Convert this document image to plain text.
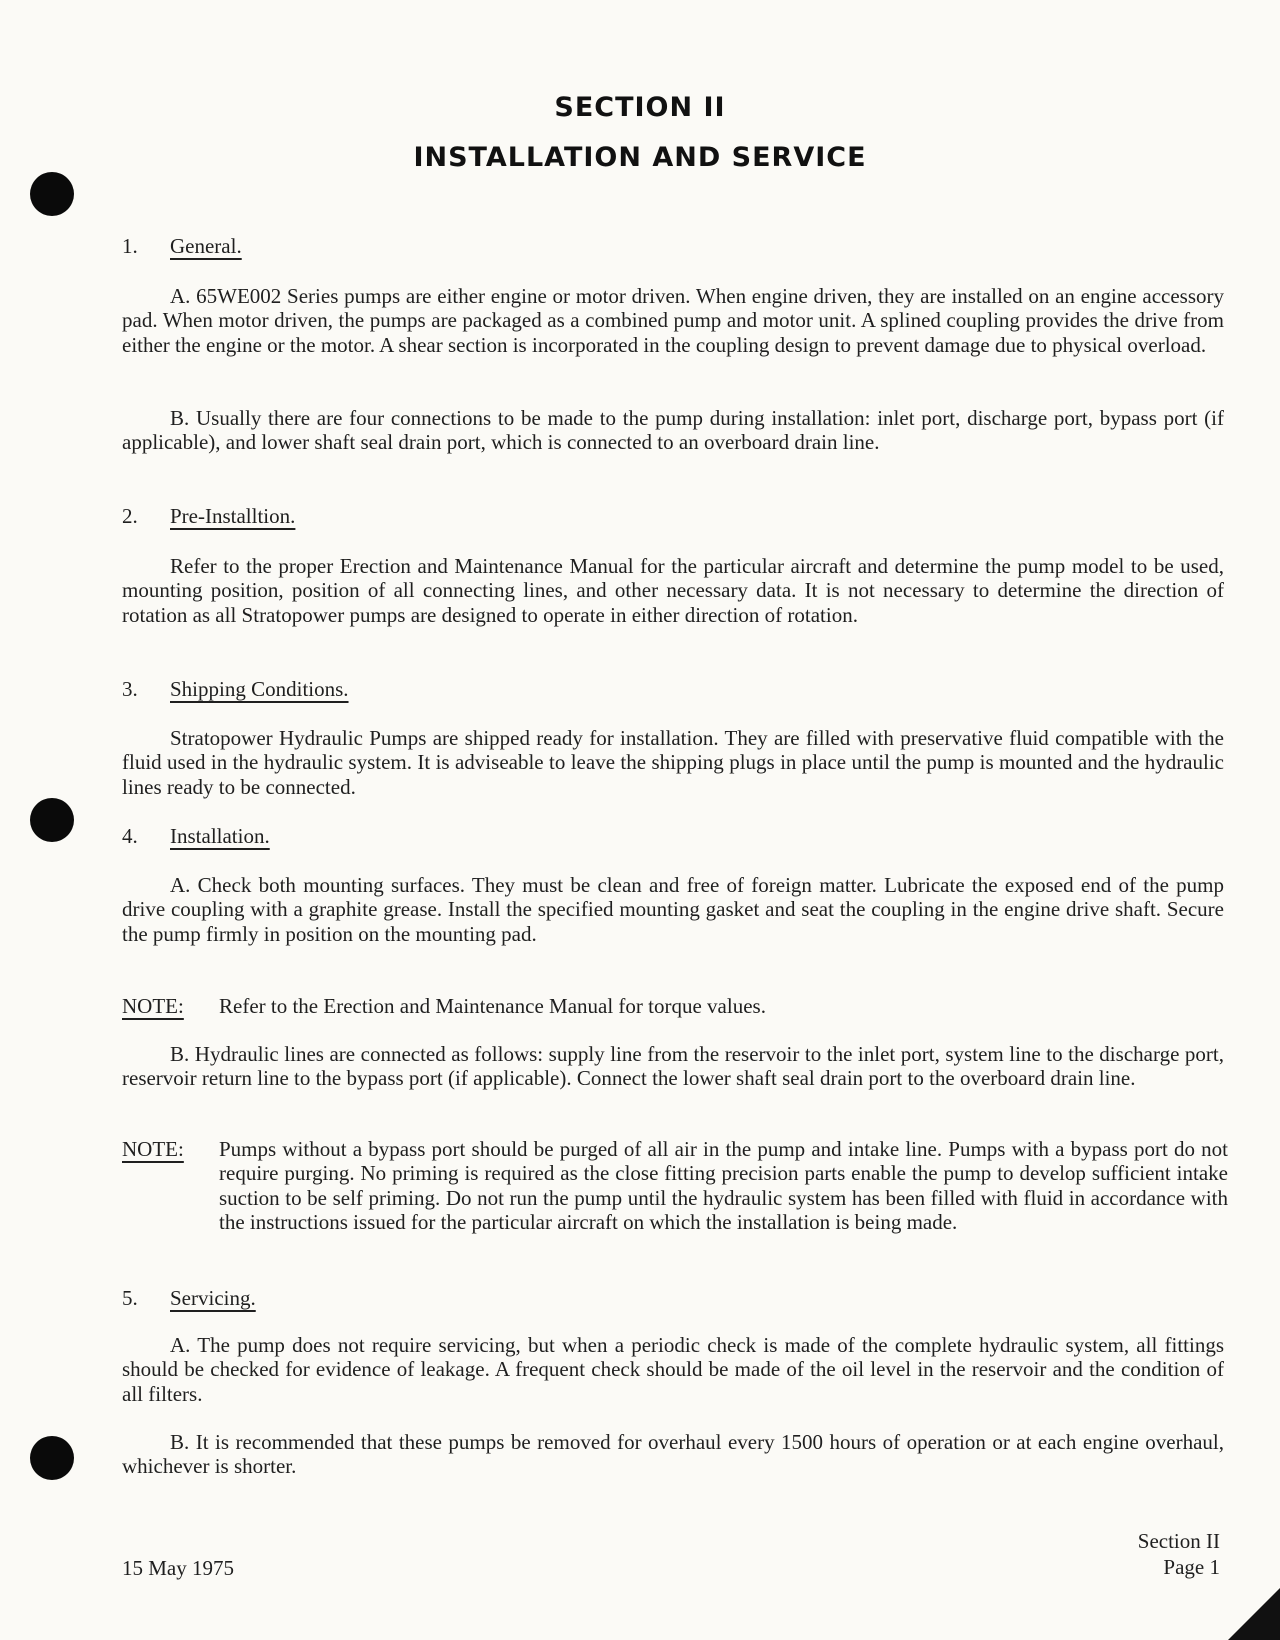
SECTION II
INSTALLATION AND SERVICE
1. General.

A. 65WE002 Series pumps are either engine or motor driven. When engine driven, they are installed on an engine accessory pad. When motor driven, the pumps are packaged as a combined pump and motor unit. A splined coupling provides the drive from either the engine or the motor. A shear section is incorporated in the coupling design to prevent damage due to physical overload.

B. Usually there are four connections to be made to the pump during installation: inlet port, discharge port, bypass port (if applicable), and lower shaft seal drain port, which is connected to an overboard drain line.

2. Pre-Installtion.

Refer to the proper Erection and Maintenance Manual for the particular aircraft and determine the pump model to be used, mounting position, position of all connecting lines, and other necessary data. It is not necessary to determine the direction of rotation as all Stratopower pumps are designed to operate in either direction of rotation.

3. Shipping Conditions.

Stratopower Hydraulic Pumps are shipped ready for installation. They are filled with preservative fluid compatible with the fluid used in the hydraulic system. It is adviseable to leave the shipping plugs in place until the pump is mounted and the hydraulic lines ready to be connected.

4. Installation.

A. Check both mounting surfaces. They must be clean and free of foreign matter. Lubricate the exposed end of the pump drive coupling with a graphite grease. Install the specified mounting gasket and seat the coupling in the engine drive shaft. Secure the pump firmly in position on the mounting pad.

NOTE: Refer to the Erection and Maintenance Manual for torque values.

B. Hydraulic lines are connected as follows: supply line from the reservoir to the inlet port, system line to the discharge port, reservoir return line to the bypass port (if applicable). Connect the lower shaft seal drain port to the overboard drain line.

NOTE: Pumps without a bypass port should be purged of all air in the pump and intake line. Pumps with a bypass port do not require purging. No priming is required as the close fitting precision parts enable the pump to develop sufficient intake suction to be self priming. Do not run the pump until the hydraulic system has been filled with fluid in accordance with the instructions issued for the particular aircraft on which the installation is being made.
5. Servicing.

A. The pump does not require servicing, but when a periodic check is made of the complete hydraulic system, all fittings should be checked for evidence of leakage. A frequent check should be made of the oil level in the reservoir and the condition of all filters.

B. It is recommended that these pumps be removed for overhaul every 1500 hours of operation or at each engine overhaul, whichever is shorter.

15 May 1975
Section II
Page 1
